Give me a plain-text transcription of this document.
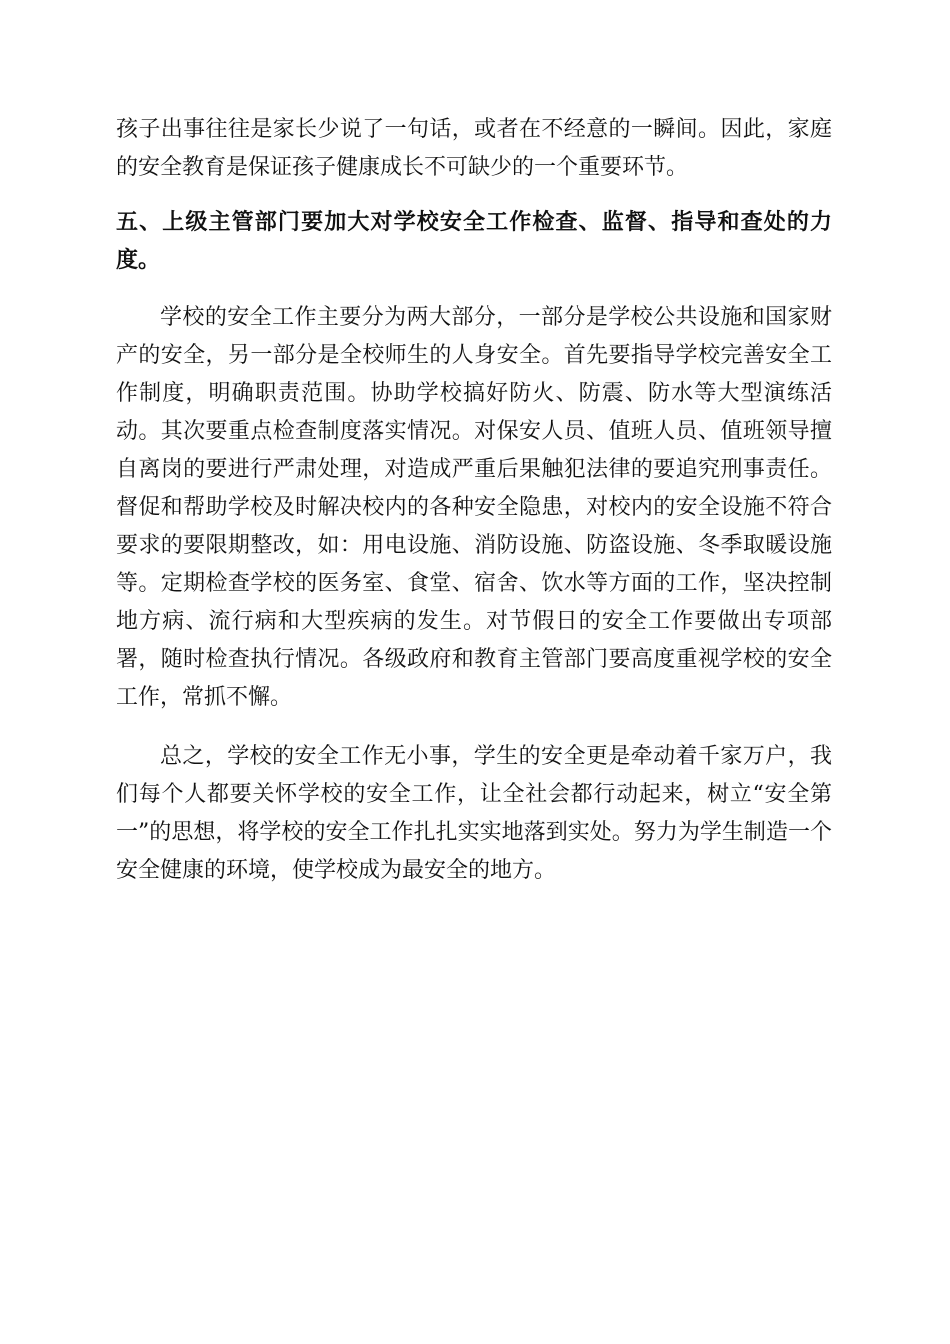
孩子出事往往是家长少说了一句话，或者在不经意的一瞬间。因此，家庭的安全教育是保证孩子健康成长不可缺少的一个重要环节。

五、上级主管部门要加大对学校安全工作检查、监督、指导和查处的力度。

学校的安全工作主要分为两大部分，一部分是学校公共设施和国家财产的安全，另一部分是全校师生的人身安全。首先要指导学校完善安全工作制度，明确职责范围。协助学校搞好防火、防震、防水等大型演练活动。其次要重点检查制度落实情况。对保安人员、值班人员、值班领导擅自离岗的要进行严肃处理，对造成严重后果触犯法律的要追究刑事责任。督促和帮助学校及时解决校内的各种安全隐患，对校内的安全设施不符合要求的要限期整改，如：用电设施、消防设施、防盗设施、冬季取暖设施等。定期检查学校的医务室、食堂、宿舍、饮水等方面的工作，坚决控制地方病、流行病和大型疾病的发生。对节假日的安全工作要做出专项部署，随时检查执行情况。各级政府和教育主管部门要高度重视学校的安全工作，常抓不懈。

总之，学校的安全工作无小事，学生的安全更是牵动着千家万户，我们每个人都要关怀学校的安全工作，让全社会都行动起来，树立“安全第一”的思想，将学校的安全工作扎扎实实地落到实处。努力为学生制造一个安全健康的环境，使学校成为最安全的地方。
